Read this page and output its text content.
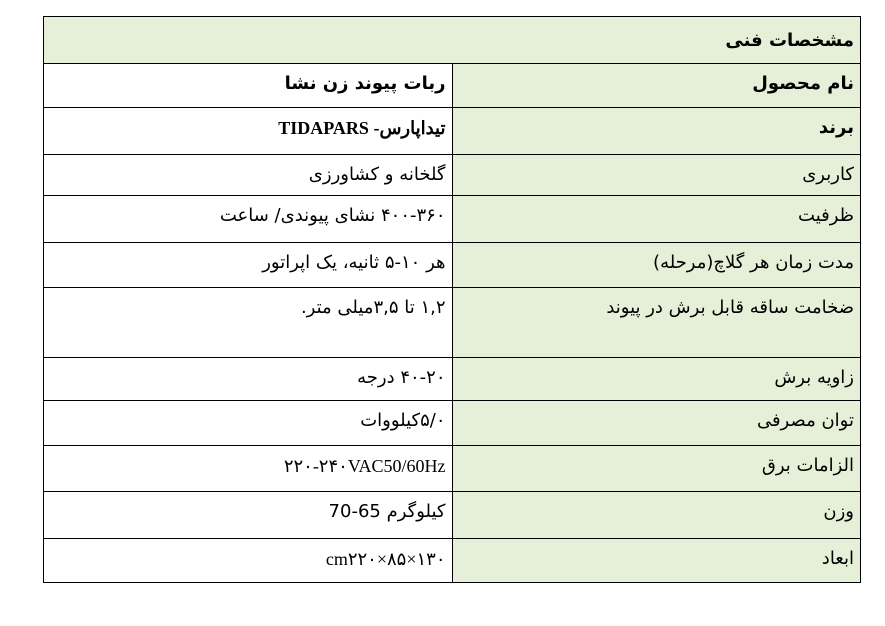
مشخصات فنی	
نام محصول	ربات پیوند زن نشا
برند	تیداپارس- TIDAPARS
کاربری	گلخانه و کشاورزی
ظرفیت	۴۰۰-۳۶۰ نشای پیوندی/ ساعت
مدت زمان هر گلاچ(مرحله)	هر ۱۰-۵ ثانیه، یک اپراتور
ضخامت ساقه قابل برش در پیوند	۱,۲ تا ۳,۵میلی متر.
زاویه برش	۴۰-۲۰ درجه
توان مصرفی	۵/۰کیلووات
الزامات برق	۲۲۰-۲۴۰VAC50/60Hz
وزن	کیلوگرم 65-70
ابعاد	cm۲۲۰×۸۵×۱۳۰
